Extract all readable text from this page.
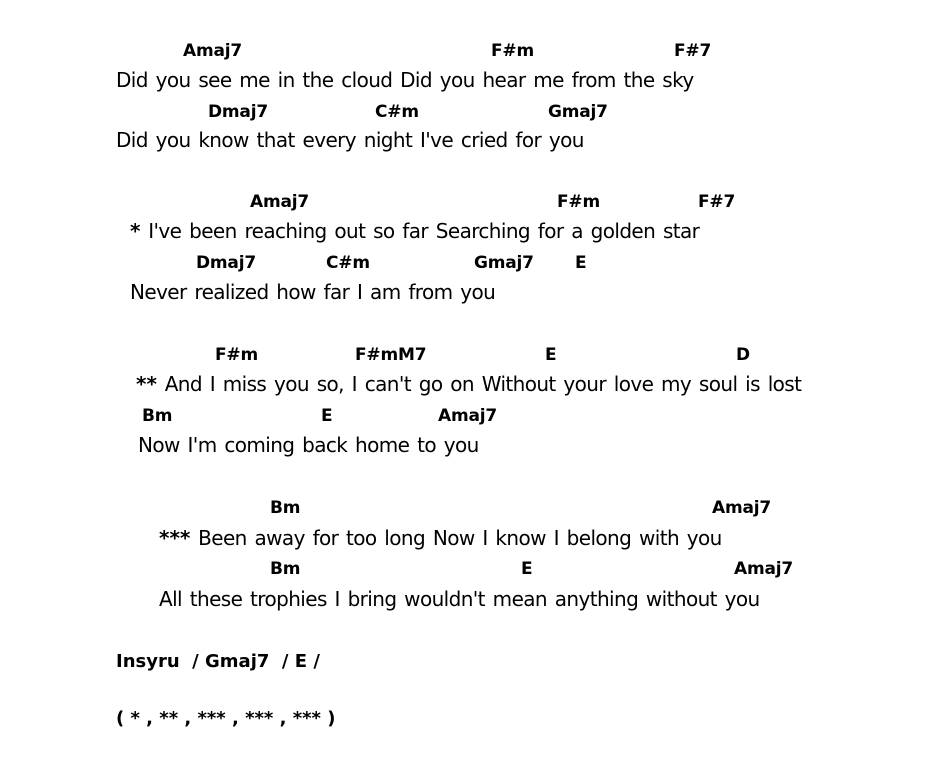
Amaj7	F#m	F#7
Did you see me in the cloud Did you hear me from the sky
Dmaj7	C#m	Gmaj7
Did you know that every night I've cried for you
Amaj7	F#m	F#7
* I've been reaching out so far Searching for a golden star
Dmaj7	C#m	Gmaj7 E
Never realized how far I am from you
F#m	F#mM7	E	D
** And I miss you so, I can't go on Without your love my soul is lost
Bm	E	Amaj7
Now I'm coming back home to you
Bm	Amaj7
*** Been away for too long Now I know I belong with you
Bm	E	Amaj7
All these trophies I bring wouldn't mean anything without you
Insyru  / Gmaj7  / E /
( * , ** , *** , *** , *** )
